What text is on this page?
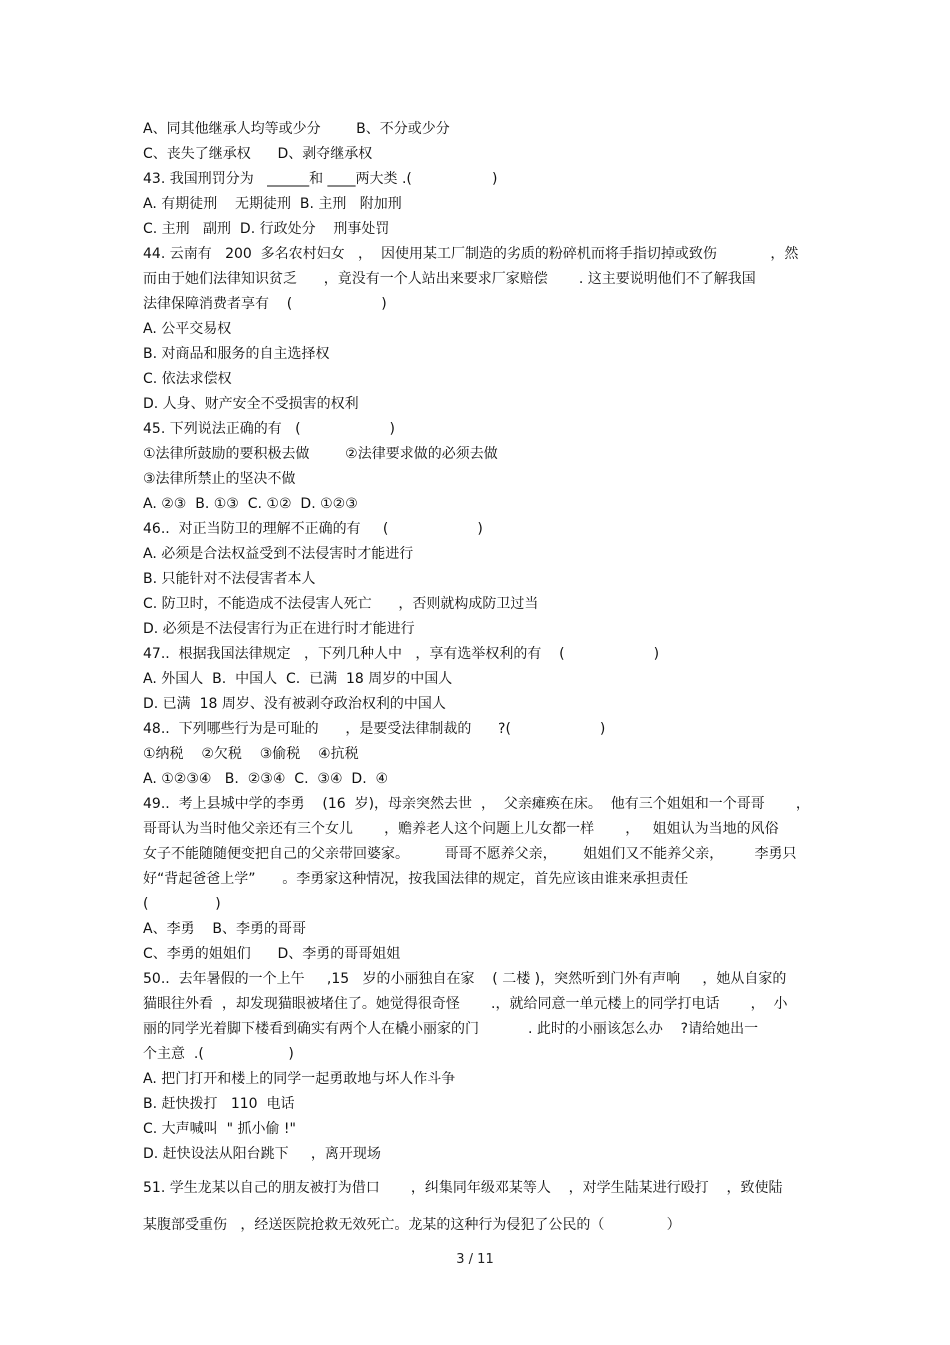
A、同其他继承人均等或少分        B、不分或少分
C、丧失了继承权      D、剥夺继承权
43. 我国刑罚分为   ______和 ____两大类 .(                  )
A. 有期徒刑    无期徒刑  B. 主刑   附加刑
C. 主刑   副刑  D. 行政处分    刑事处罚
44. 云南有   200  多名农村妇女   ，  因使用某工厂制造的劣质的粉碎机而将手指切掉或致伤            ，然
而由于她们法律知识贫乏      ，竟没有一个人站出来要求厂家赔偿       . 这主要说明他们不了解我国
法律保障消费者享有    (                    )
A. 公平交易权
B. 对商品和服务的自主选择权
C. 依法求偿权
D. 人身、财产安全不受损害的权利
45. 下列说法正确的有   (                    )
①法律所鼓励的要积极去做        ②法律要求做的必须去做
③法律所禁止的坚决不做
A. ②③  B. ①③  C. ①②  D. ①②③
46..  对正当防卫的理解不正确的有     (                    )
A. 必须是合法权益受到不法侵害时才能进行
B. 只能针对不法侵害者本人
C. 防卫时，不能造成不法侵害人死亡      ，否则就构成防卫过当
D. 必须是不法侵害行为正在进行时才能进行
47..  根据我国法律规定   ，下列几种人中   ，享有选举权利的有    (                    )
A. 外国人  B.  中国人  C.  已满  18 周岁的中国人
D. 已满  18 周岁、没有被剥夺政治权利的中国人
48..  下列哪些行为是可耻的      ，是要受法律制裁的      ?(                    )
①纳税    ②欠税    ③偷税    ④抗税
A. ①②③④   B.  ②③④  C.  ③④  D.  ④
49..  考上县城中学的李勇    (16  岁)，母亲突然去世  ，  父亲瘫痪在床。  他有三个姐姐和一个哥哥       ，
哥哥认为当时他父亲还有三个女儿       ，赡养老人这个问题上儿女都一样       ，   姐姐认为当地的风俗
女子不能随随便变把自己的父亲带回婆家。        哥哥不愿养父亲，      姐姐们又不能养父亲，       李勇只
好“背起爸爸上学”      。李勇家这种情况，按我国法律的规定，首先应该由谁来承担责任
(               )
A、李勇    B、李勇的哥哥
C、李勇的姐姐们      D、李勇的哥哥姐姐
50..  去年暑假的一个上午     ,15   岁的小丽独自在家    ( 二楼 )，突然听到门外有声响     ，她从自家的
猫眼往外看  ，却发现猫眼被堵住了。她觉得很奇怪       .，就给同意一单元楼上的同学打电话       ，  小
丽的同学光着脚下楼看到确实有两个人在橇小丽家的门           . 此时的小丽该怎么办    ?请给她出一
个主意  .(                   )
A. 把门打开和楼上的同学一起勇敢地与坏人作斗争
B. 赶快拨打   110  电话
C. 大声喊叫  " 抓小偷 !"
D. 赶快设法从阳台跳下     ，离开现场
51. 学生龙某以自己的朋友被打为借口       ，纠集同年级邓某等人    ，对学生陆某进行殴打    ，致使陆
某腹部受重伤   ，经送医院抢救无效死亡。龙某的这种行为侵犯了公民的（              ）
3 / 11
